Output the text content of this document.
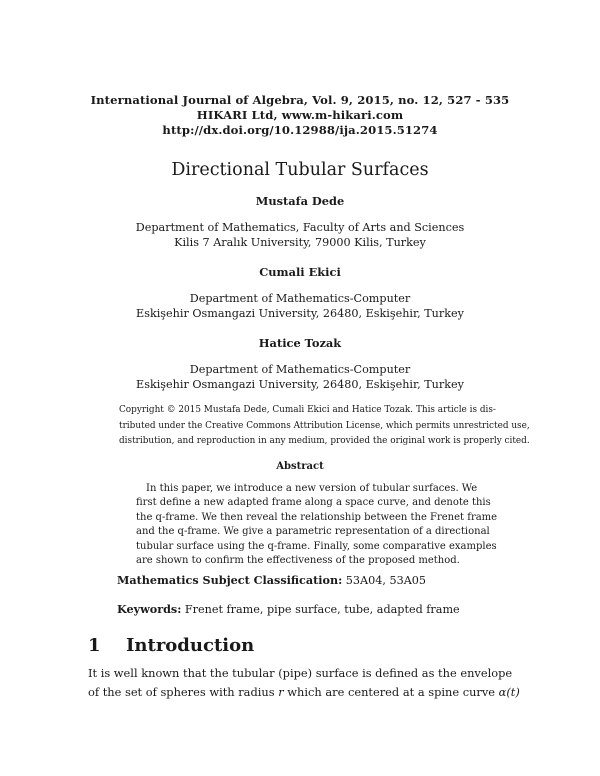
International Journal of Algebra, Vol. 9, 2015, no. 12, 527 - 535
HIKARI Ltd, www.m-hikari.com
http://dx.doi.org/10.12988/ija.2015.51274
Directional Tubular Surfaces
Mustafa Dede
Department of Mathematics, Faculty of Arts and Sciences
Kilis 7 Aralık University, 79000 Kilis, Turkey
Cumali Ekici
Department of Mathematics-Computer
Eskişehir Osmangazi University, 26480, Eskişehir, Turkey
Hatice Tozak
Department of Mathematics-Computer
Eskişehir Osmangazi University, 26480, Eskişehir, Turkey
Copyright © 2015 Mustafa Dede, Cumali Ekici and Hatice Tozak. This article is dis-
tributed under the Creative Commons Attribution License, which permits unrestricted use,
distribution, and reproduction in any medium, provided the original work is properly cited.
Abstract
In this paper, we introduce a new version of tubular surfaces. We
first define a new adapted frame along a space curve, and denote this
the q-frame. We then reveal the relationship between the Frenet frame
and the q-frame. We give a parametric representation of a directional
tubular surface using the q-frame. Finally, some comparative examples
are shown to confirm the effectiveness of the proposed method.
Mathematics Subject Classification: 53A04, 53A05
Keywords: Frenet frame, pipe surface, tube, adapted frame
1 Introduction
It is well known that the tubular (pipe) surface is defined as the envelope
of the set of spheres with radius r which are centered at a spine curve α(t)
